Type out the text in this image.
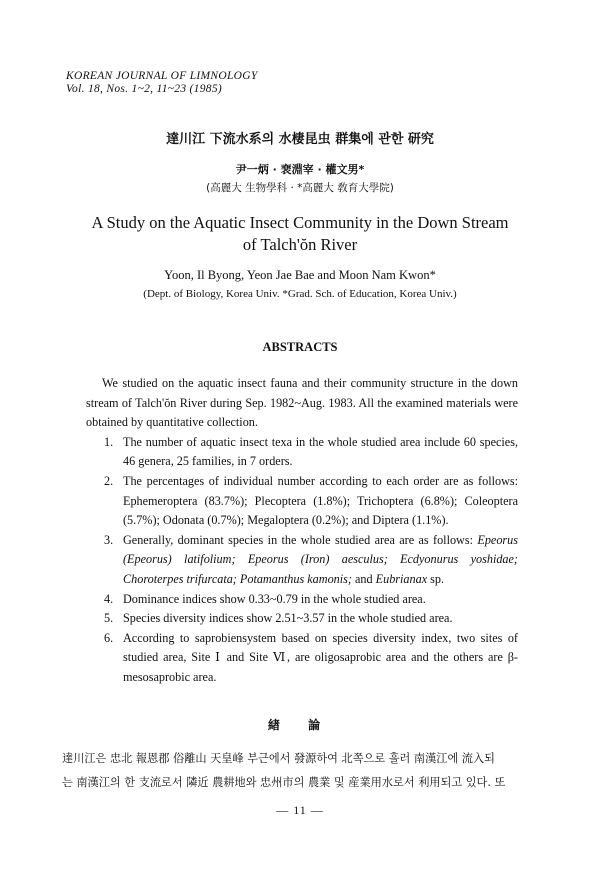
KOREAN JOURNAL OF LIMNOLOGY
Vol. 18, Nos. 1~2, 11~23 (1985)
達川江 下流水系의 水棲昆虫 群集에 관한 研究
尹一炳 · 裵淵宰 · 權文男*
(高麗大 生物學科 · *高麗大 敎育大學院)
A Study on the Aquatic Insect Community in the Down Stream
of Talch'ŏn River
Yoon, Il Byong, Yeon Jae Bae and Moon Nam Kwon*
(Dept. of Biology, Korea Univ. *Grad. Sch. of Education, Korea Univ.)
ABSTRACTS
We studied on the aquatic insect fauna and their community structure in the down stream of Talch'ŏn River during Sep. 1982~Aug. 1983. All the examined materials were obtained by quantitative collection.
1. The number of aquatic insect texa in the whole studied area include 60 species, 46 genera, 25 families, in 7 orders.
2. The percentages of individual number according to each order are as follows: Ephemeroptera (83.7%); Plecoptera (1.8%); Trichoptera (6.8%); Coleoptera (5.7%); Odonata (0.7%); Megaloptera (0.2%); and Diptera (1.1%).
3. Generally, dominant species in the whole studied area are as follows: Epeorus (Epeorus) latifolium; Epeorus (Iron) aesculus; Ecdyonurus yoshidae; Choroterpes trifurcata; Potamanthus kamonis; and Eubrianax sp.
4. Dominance indices show 0.33~0.79 in the whole studied area.
5. Species diversity indices show 2.51~3.57 in the whole studied area.
6. According to saprobiensystem based on species diversity index, two sites of studied area, Site Ⅰ and Site Ⅵ, are oligosaprobic area and the others are β-mesosaprobic area.
緖 論
達川江은 忠北 報恩郡 俗離山 天皇峰 부근에서 發源하여 北쪽으로 흘러 南漢江에 流入되
는 南漢江의 한 支流로서 隣近 農耕地와 忠州市의 農業 및 産業用水로서 利用되고 있다. 또
— 11 —
